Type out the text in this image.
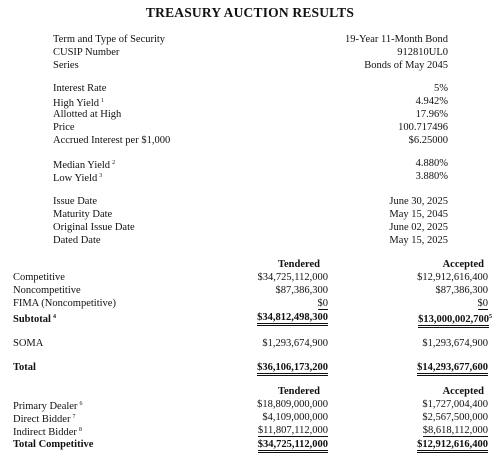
TREASURY AUCTION RESULTS
Term and Type of Security	19-Year 11-Month Bond
CUSIP Number	912810UL0
Series	Bonds of May 2045
Interest Rate	5%
High Yield $^1$	4.942%
Allotted at High	17.96%
Price	100.717496
Accrued Interest per $1,000	$6.25000
Median Yield $^2$	4.880%
Low Yield $^3$	3.880%
Issue Date	June 30, 2025
Maturity Date	May 15, 2045
Original Issue Date	June 02, 2025
Dated Date	May 15, 2025
Tendered	Accepted
Competitive	$34,725,112,000	$12,912,616,400
Noncompetitive	$87,386,300	$87,386,300
FIMA (Noncompetitive)	$0	$0
Subtotal $^4$	$34,812,498,300	$13,000,002,700$^5$
SOMA	$1,293,674,900	$1,293,674,900
Total	$36,106,173,200	$14,293,677,600
Tendered	Accepted
Primary Dealer $^6$	$18,809,000,000	$1,727,004,400
Direct Bidder $^7$	$4,109,000,000	$2,567,500,000
Indirect Bidder $^8$	$11,807,112,000	$8,618,112,000
Total Competitive	$34,725,112,000	$12,912,616,400
